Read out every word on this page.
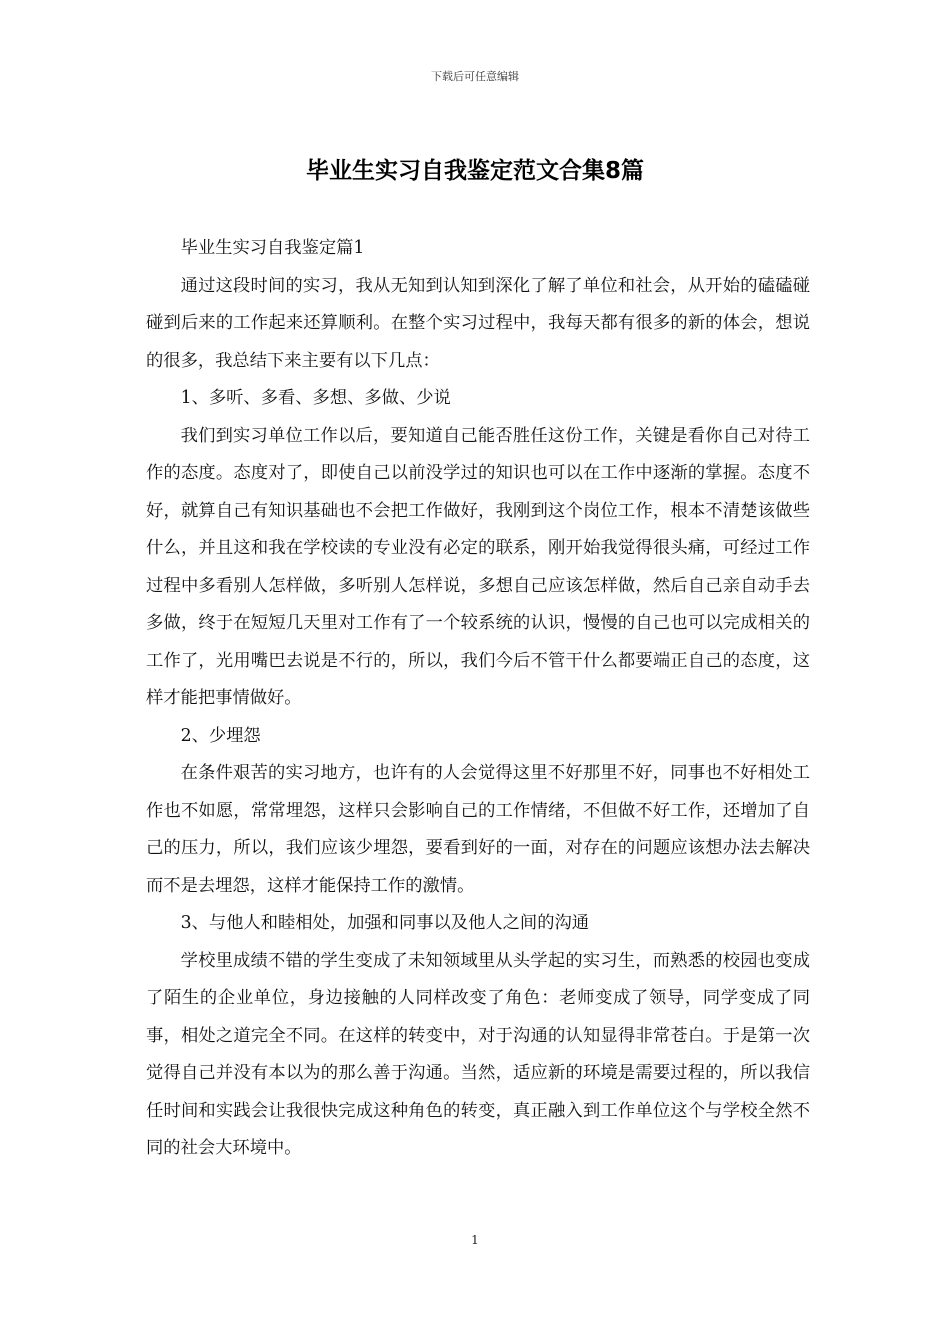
下载后可任意编辑
毕业生实习自我鉴定范文合集8篇

毕业生实习自我鉴定篇1

通过这段时间的实习，我从无知到认知到深化了解了单位和社会，从开始的磕磕碰碰到后来的工作起来还算顺利。在整个实习过程中，我每天都有很多的新的体会，想说的很多，我总结下来主要有以下几点：

1、多听、多看、多想、多做、少说

我们到实习单位工作以后，要知道自己能否胜任这份工作，关键是看你自己对待工作的态度。态度对了，即使自己以前没学过的知识也可以在工作中逐渐的掌握。态度不好，就算自己有知识基础也不会把工作做好，我刚到这个岗位工作，根本不清楚该做些什么，并且这和我在学校读的专业没有必定的联系，刚开始我觉得很头痛，可经过工作过程中多看别人怎样做，多听别人怎样说，多想自己应该怎样做，然后自己亲自动手去多做，终于在短短几天里对工作有了一个较系统的认识，慢慢的自己也可以完成相关的工作了，光用嘴巴去说是不行的，所以，我们今后不管干什么都要端正自己的态度，这样才能把事情做好。

2、少埋怨

在条件艰苦的实习地方，也许有的人会觉得这里不好那里不好，同事也不好相处工作也不如愿，常常埋怨，这样只会影响自己的工作情绪，不但做不好工作，还增加了自己的压力，所以，我们应该少埋怨，要看到好的一面，对存在的问题应该想办法去解决而不是去埋怨，这样才能保持工作的激情。

3、与他人和睦相处，加强和同事以及他人之间的沟通

学校里成绩不错的学生变成了未知领域里从头学起的实习生，而熟悉的校园也变成了陌生的企业单位，身边接触的人同样改变了角色：老师变成了领导，同学变成了同事，相处之道完全不同。在这样的转变中，对于沟通的认知显得非常苍白。于是第一次觉得自己并没有本以为的那么善于沟通。当然，适应新的环境是需要过程的，所以我信任时间和实践会让我很快完成这种角色的转变，真正融入到工作单位这个与学校全然不同的社会大环境中。

1
